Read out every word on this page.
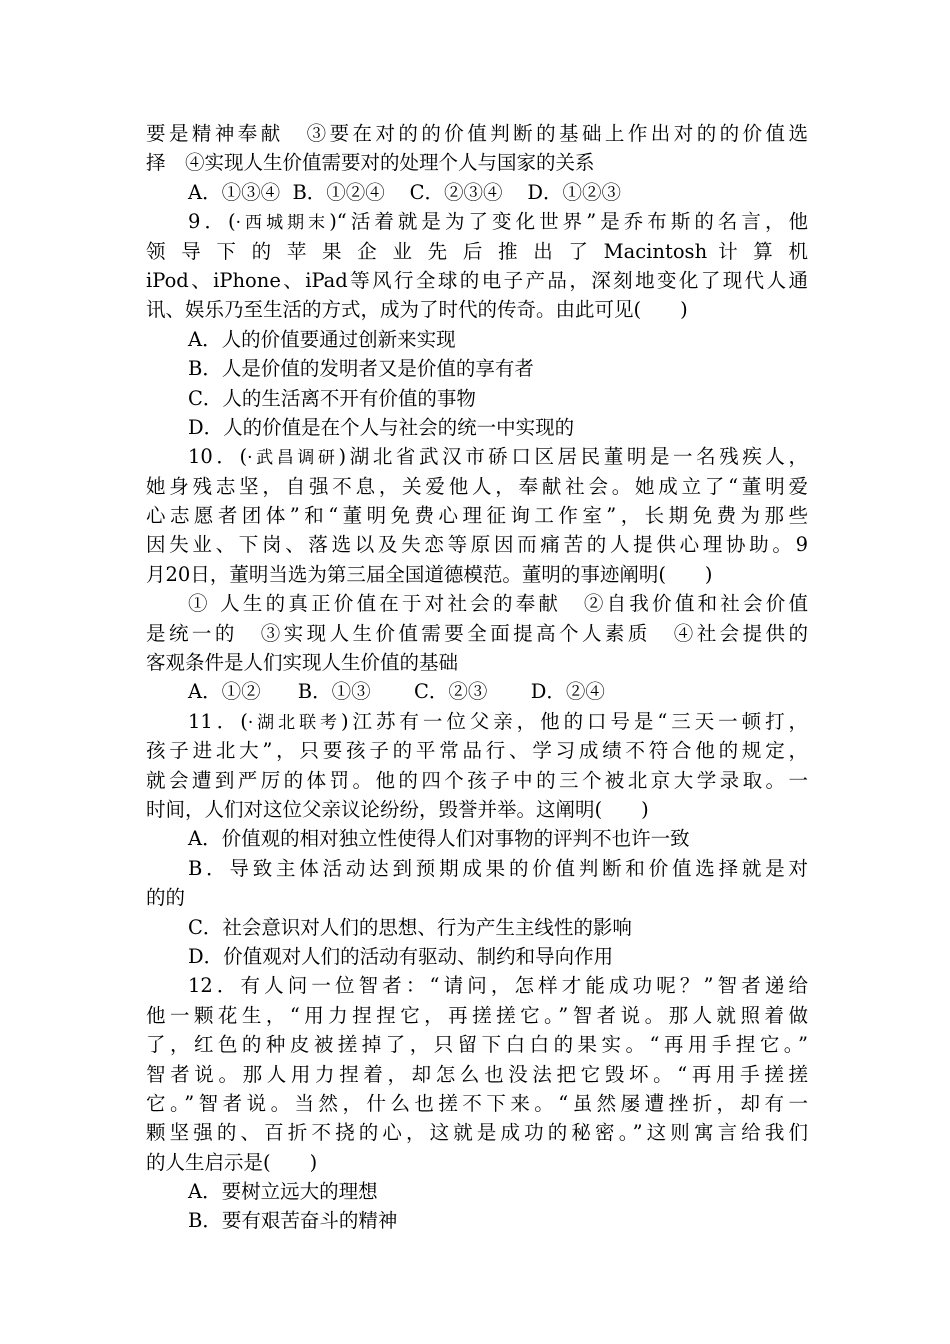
要是精神奉献　③要在对的的价值判断的基础上作出对的的价值选
择　④实现人生价值需要对的处理个人与国家的关系
A．①③④  B．①②④    C．②③④    D．①②③
9．(·西城期末)“活着就是为了变化世界”是乔布斯的名言，他
领 导 下 的 苹 果 企 业 先 后 推 出 了 Macintosh 计 算 机
iPod、iPhone、iPad等风行全球的电子产品，深刻地变化了现代人通
讯、娱乐乃至生活的方式，成为了时代的传奇。由此可见(　　)
A．人的价值要通过创新来实现
B．人是价值的发明者又是价值的享有者
C．人的生活离不开有价值的事物
D．人的价值是在个人与社会的统一中实现的
10．(·武昌调研)湖北省武汉市硚口区居民董明是一名残疾人，
她身残志坚，自强不息，关爱他人，奉献社会。她成立了“董明爱
心志愿者团体”和“董明免费心理征询工作室”，长期免费为那些
因失业、下岗、落选以及失恋等原因而痛苦的人提供心理协助。9
月20日，董明当选为第三届全国道德模范。董明的事迹阐明(　　)
① 人生的真正价值在于对社会的奉献　②自我价值和社会价值
是统一的　③实现人生价值需要全面提高个人素质　④社会提供的
客观条件是人们实现人生价值的基础
A．①②      B．①③       C．②③       D．②④
11．(·湖北联考)江苏有一位父亲，他的口号是“三天一顿打，
孩子进北大”，只要孩子的平常品行、学习成绩不符合他的规定，
就会遭到严厉的体罚。他的四个孩子中的三个被北京大学录取。一
时间，人们对这位父亲议论纷纷，毁誉并举。这阐明(　　)
A．价值观的相对独立性使得人们对事物的评判不也许一致
B．导致主体活动达到预期成果的价值判断和价值选择就是对
的的
C．社会意识对人们的思想、行为产生主线性的影响
D．价值观对人们的活动有驱动、制约和导向作用
12．有人问一位智者：“请问，怎样才能成功呢？”智者递给
他一颗花生，“用力捏捏它，再搓搓它。”智者说。那人就照着做
了，红色的种皮被搓掉了，只留下白白的果实。“再用手捏它。”
智者说。那人用力捏着，却怎么也没法把它毁坏。“再用手搓搓
它。”智者说。当然，什么也搓不下来。“虽然屡遭挫折，却有一
颗坚强的、百折不挠的心，这就是成功的秘密。”这则寓言给我们
的人生启示是(　　)
A．要树立远大的理想
B．要有艰苦奋斗的精神
